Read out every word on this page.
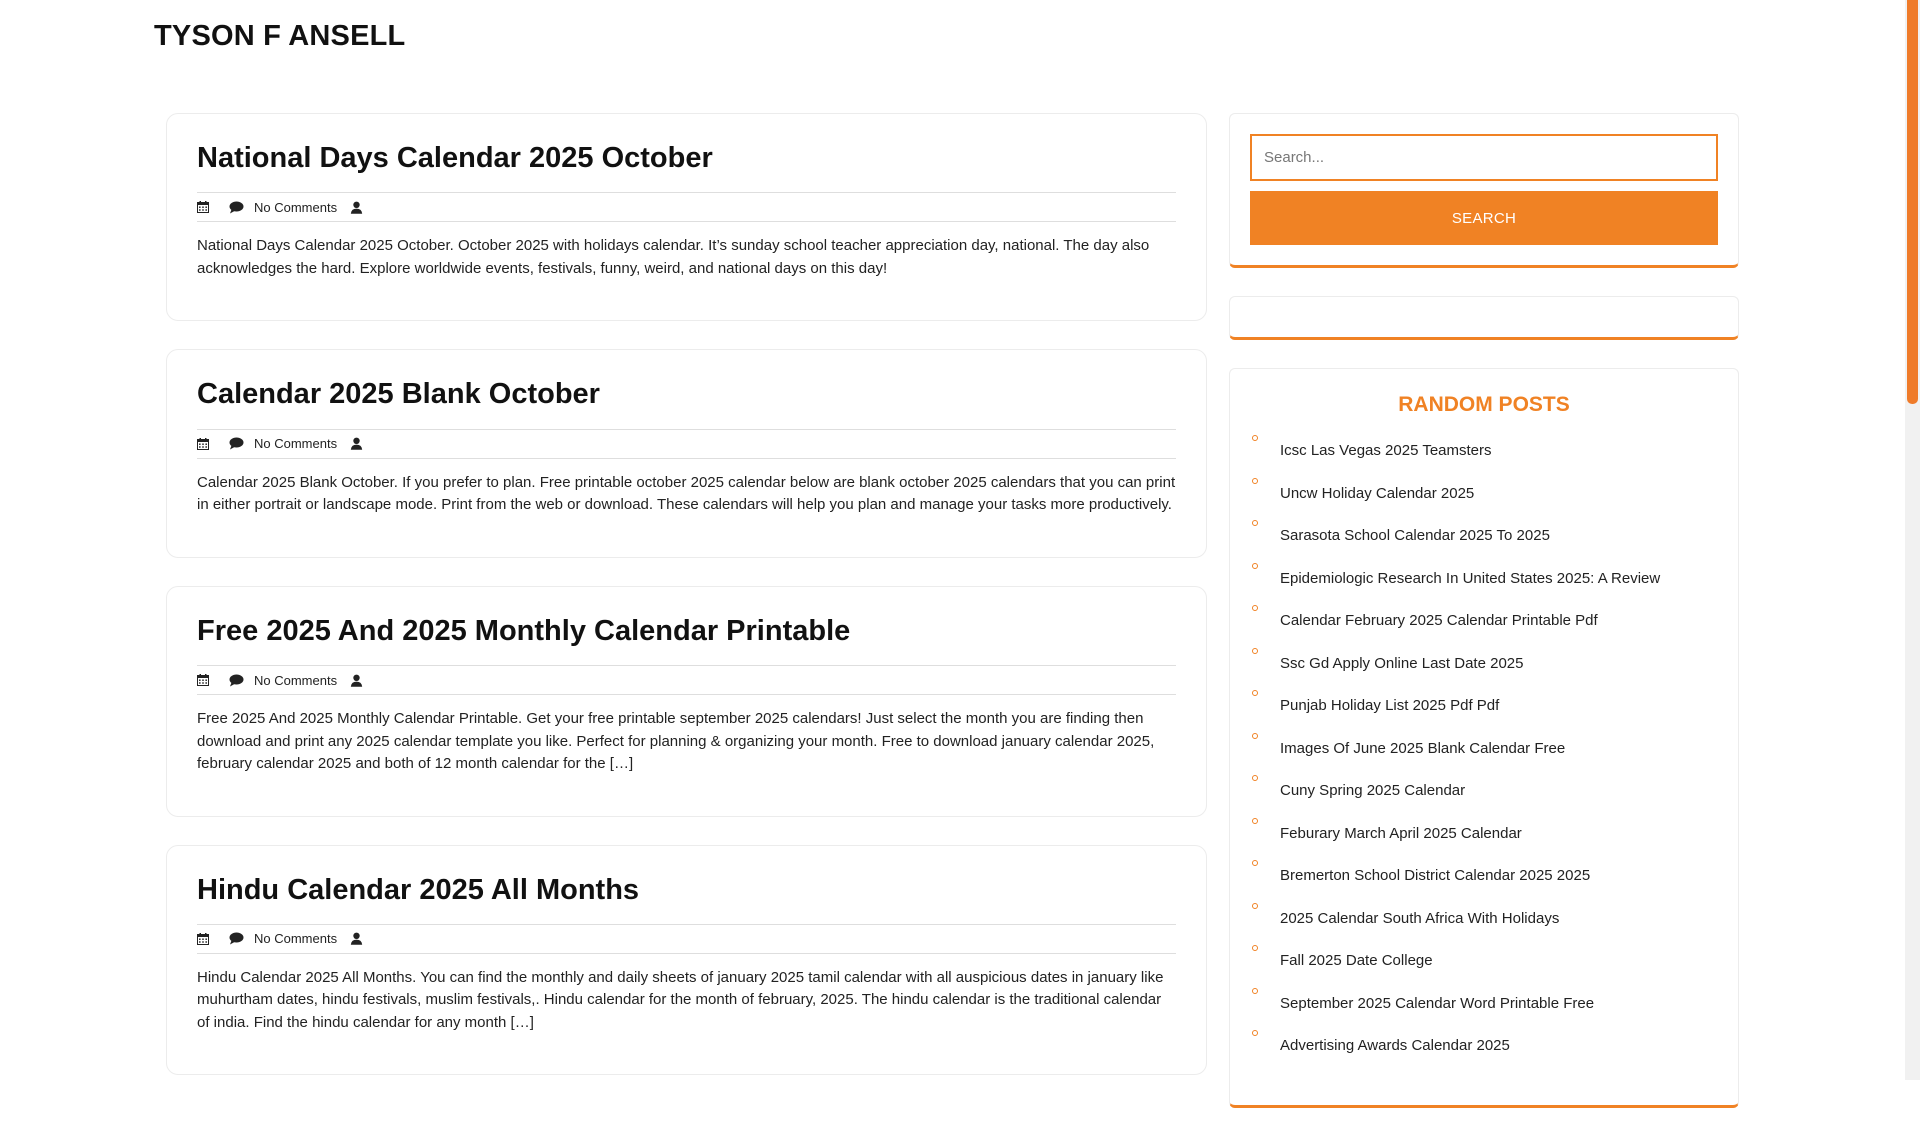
TYSON F ANSELL
National Days Calendar 2025 October
No Comments

National Days Calendar 2025 October. October 2025 with holidays calendar. It’s sunday school teacher appreciation day, national. The day also acknowledges the hard. Explore worldwide events, festivals, funny, weird, and national days on this day!

Calendar 2025 Blank October
No Comments

Calendar 2025 Blank October. If you prefer to plan. Free printable october 2025 calendar below are blank october 2025 calendars that you can print in either portrait or landscape mode. Print from the web or download. These calendars will help you plan and manage your tasks more productively.

Free 2025 And 2025 Monthly Calendar Printable
No Comments

Free 2025 And 2025 Monthly Calendar Printable. Get your free printable september 2025 calendars! Just select the month you are finding then download and print any 2025 calendar template you like. Perfect for planning & organizing your month. Free to download january calendar 2025, february calendar 2025 and both of 12 month calendar for the […]

Hindu Calendar 2025 All Months
No Comments

Hindu Calendar 2025 All Months. You can find the monthly and daily sheets of january 2025 tamil calendar with all auspicious dates in january like muhurtham dates, hindu festivals, muslim festivals,. Hindu calendar for the month of february, 2025. The hindu calendar is the traditional calendar of india. Find the hindu calendar for any month […]

Search...
SEARCH
RANDOM POSTS
Icsc Las Vegas 2025 Teamsters
Uncw Holiday Calendar 2025
Sarasota School Calendar 2025 To 2025
Epidemiologic Research In United States 2025: A Review
Calendar February 2025 Calendar Printable Pdf
Ssc Gd Apply Online Last Date 2025
Punjab Holiday List 2025 Pdf Pdf
Images Of June 2025 Blank Calendar Free
Cuny Spring 2025 Calendar
Feburary March April 2025 Calendar
Bremerton School District Calendar 2025 2025
2025 Calendar South Africa With Holidays
Fall 2025 Date College
September 2025 Calendar Word Printable Free
Advertising Awards Calendar 2025
